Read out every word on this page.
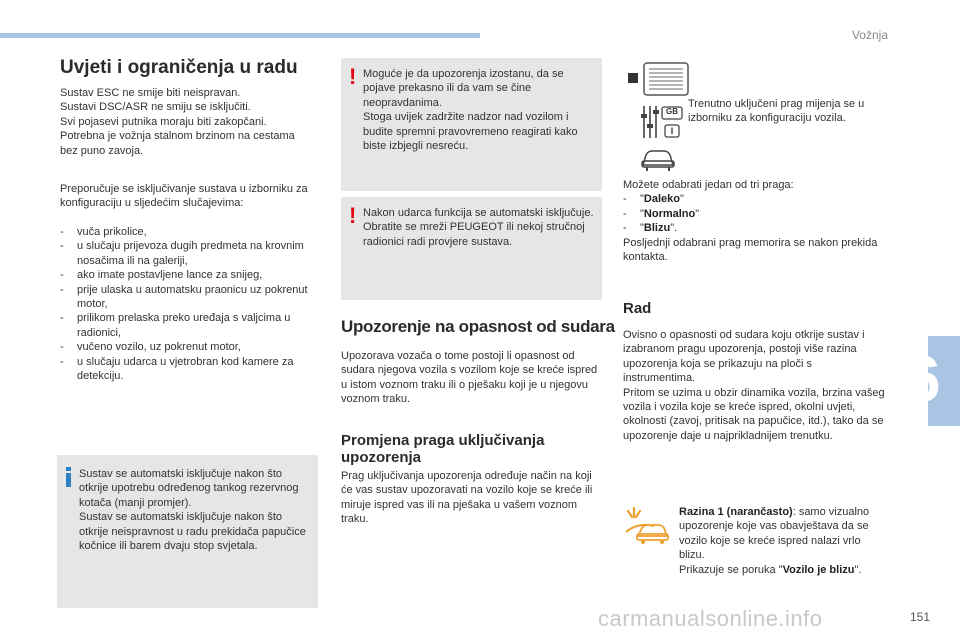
Vožnja
6
Uvjeti i ograničenja u radu
Sustav ESC ne smije biti neispravan.
Sustavi DSC/ASR ne smiju se isključiti.
Svi pojasevi putnika moraju biti zakopčani.
Potrebna je vožnja stalnom brzinom na cestama bez puno zavoja.
Preporučuje se isključivanje sustava u izborniku za konfiguraciju u sljedećim slučajevima:
- vuča prikolice,
- u slučaju prijevoza dugih predmeta na krovnim nosačima ili na galeriji,
- ako imate postavljene lance za snijeg,
- prije ulaska u automatsku praonicu uz pokrenut motor,
- prilikom prelaska preko uređaja s valjcima u radionici,
- vučeno vozilo, uz pokrenut motor,
- u slučaju udarca u vjetrobran kod kamere za detekciju.
Sustav se automatski isključuje nakon što otkrije upotrebu određenog tankog rezervnog kotača (manji promjer).
Sustav se automatski isključuje nakon što otkrije neispravnost u radu prekidača papučice kočnice ili barem dvaju stop svjetala.
! Moguće je da upozorenja izostanu, da se pojave prekasno ili da vam se čine neopravdanima.
Stoga uvijek zadržite nadzor nad vozilom i budite spremni pravovremeno reagirati kako biste izbjegli nesreću.
! Nakon udarca funkcija se automatski isključuje. Obratite se mreži PEUGEOT ili nekoj stručnoj radionici radi provjere sustava.
Upozorenje na opasnost od sudara
Upozorava vozača o tome postoji li opasnost od sudara njegova vozila s vozilom koje se kreće ispred u istom voznom traku ili o pješaku koji je u njegovu voznom traku.
Promjena praga uključivanja upozorenja
Prag uključivanja upozorenja određuje način na koji će vas sustav upozoravati na vozilo koje se kreće ili miruje ispred vas ili na pješaka u vašem voznom traku.
GB
I
Trenutno uključeni prag mijenja se u izborniku za konfiguraciju vozila.
Možete odabrati jedan od tri praga:
- "Daleko"
- "Normalno"
- "Blizu".
Posljednji odabrani prag memorira se nakon prekida kontakta.
Rad
Ovisno o opasnosti od sudara koju otkrije sustav i izabranom pragu upozorenja, postoji više razina upozorenja koja se prikazuju na ploči s instrumentima.
Pritom se uzima u obzir dinamika vozila, brzina vašeg vozila i vozila koje se kreće ispred, okolni uvjeti, okolnosti (zavoj, pritisak na papučice, itd.), tako da se upozorenje daje u najprikladnijem trenutku.
Razina 1 (narančasto): samo vizualno upozorenje koje vas obavještava da se vozilo koje se kreće ispred nalazi vrlo blizu.
Prikazuje se poruka "Vozilo je blizu".
carmanualsonline.info	151
